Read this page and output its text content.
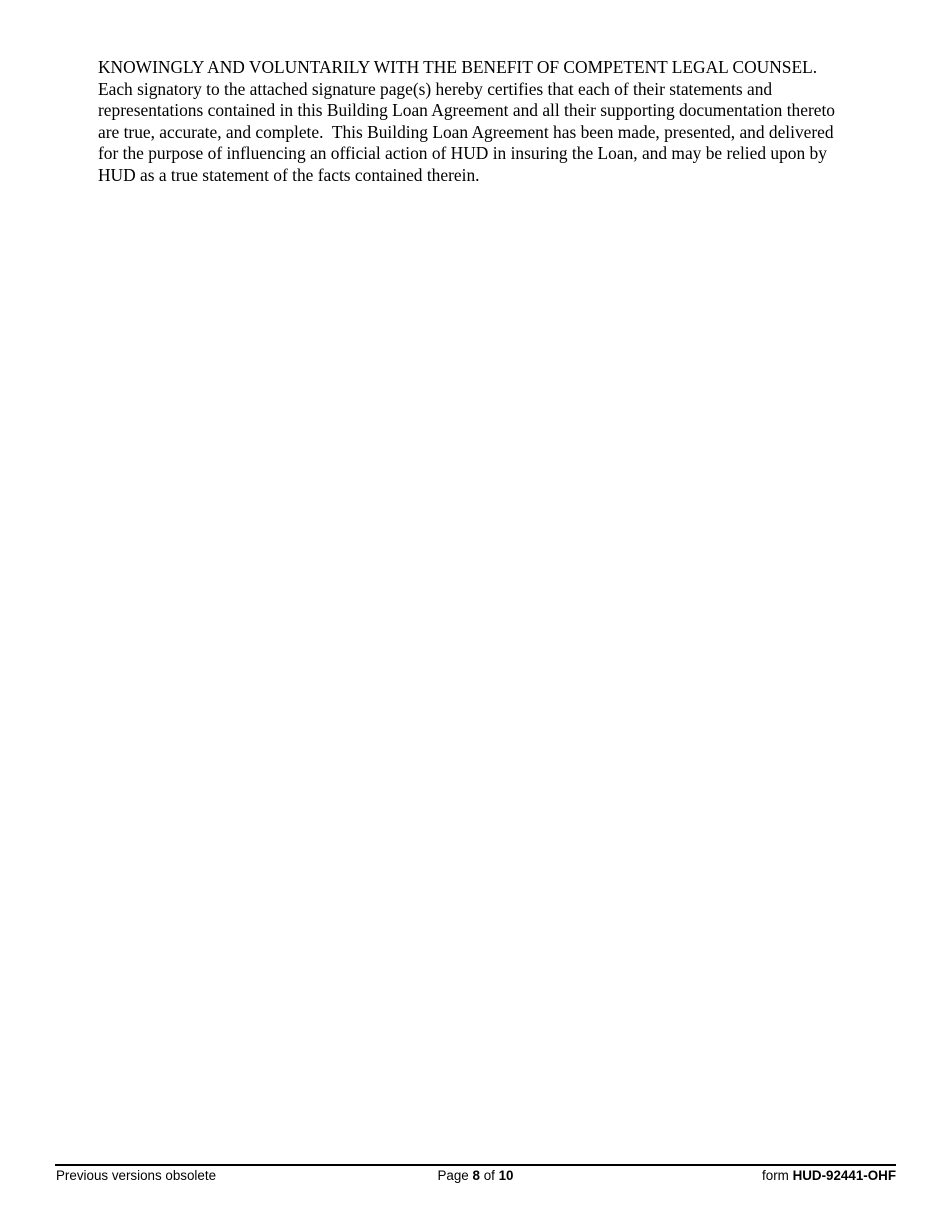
KNOWINGLY AND VOLUNTARILY WITH THE BENEFIT OF COMPETENT LEGAL COUNSEL.
Each signatory to the attached signature page(s) hereby certifies that each of their statements and
representations contained in this Building Loan Agreement and all their supporting documentation thereto
are true, accurate, and complete.  This Building Loan Agreement has been made, presented, and delivered
for the purpose of influencing an official action of HUD in insuring the Loan, and may be relied upon by
HUD as a true statement of the facts contained therein.
Previous versions obsolete	Page 8 of 10	form HUD-92441-OHF
